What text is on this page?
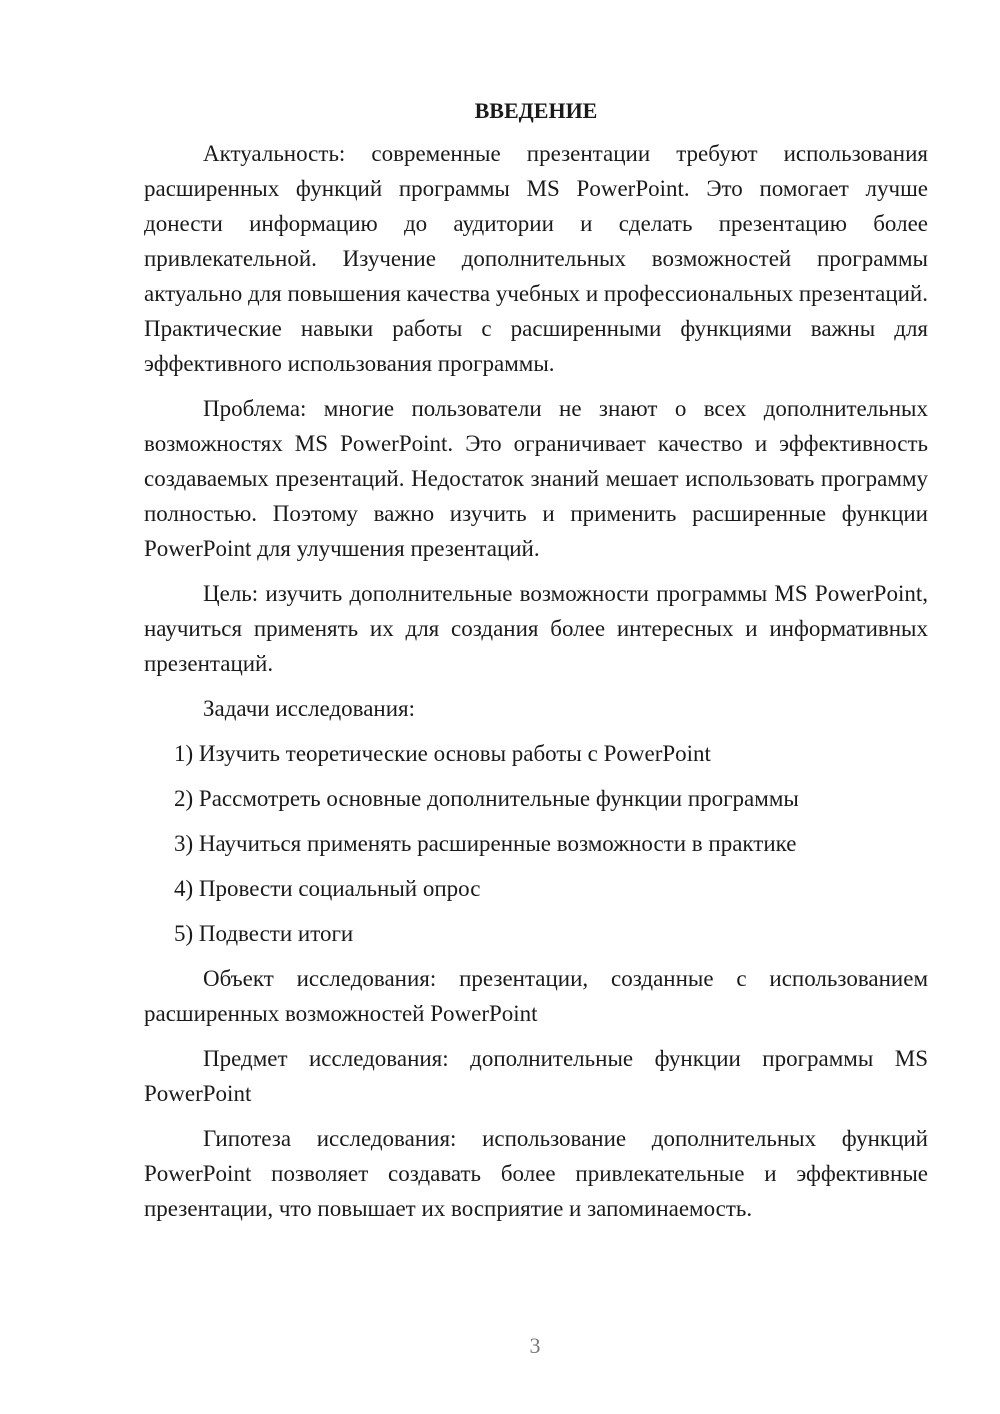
ВВЕДЕНИЕ

Актуальность: современные презентации требуют использования расширенных функций программы MS PowerPoint. Это помогает лучше донести информацию до аудитории и сделать презентацию более привлекательной. Изучение дополнительных возможностей программы актуально для повышения качества учебных и профессиональных презентаций. Практические навыки работы с расширенными функциями важны для эффективного использования программы.

Проблема: многие пользователи не знают о всех дополнительных возможностях MS PowerPoint. Это ограничивает качество и эффективность создаваемых презентаций. Недостаток знаний мешает использовать программу полностью. Поэтому важно изучить и применить расширенные функции PowerPoint для улучшения презентаций.

Цель: изучить дополнительные возможности программы MS PowerPoint, научиться применять их для создания более интересных и информативных презентаций.

Задачи исследования:

1) Изучить теоретические основы работы с PowerPoint
2) Рассмотреть основные дополнительные функции программы
3) Научиться применять расширенные возможности в практике
4) Провести социальный опрос
5) Подвести итоги

Объект исследования: презентации, созданные с использованием расширенных возможностей PowerPoint

Предмет исследования: дополнительные функции программы MS PowerPoint

Гипотеза исследования: использование дополнительных функций PowerPoint позволяет создавать более привлекательные и эффективные презентации, что повышает их восприятие и запоминаемость.

3
